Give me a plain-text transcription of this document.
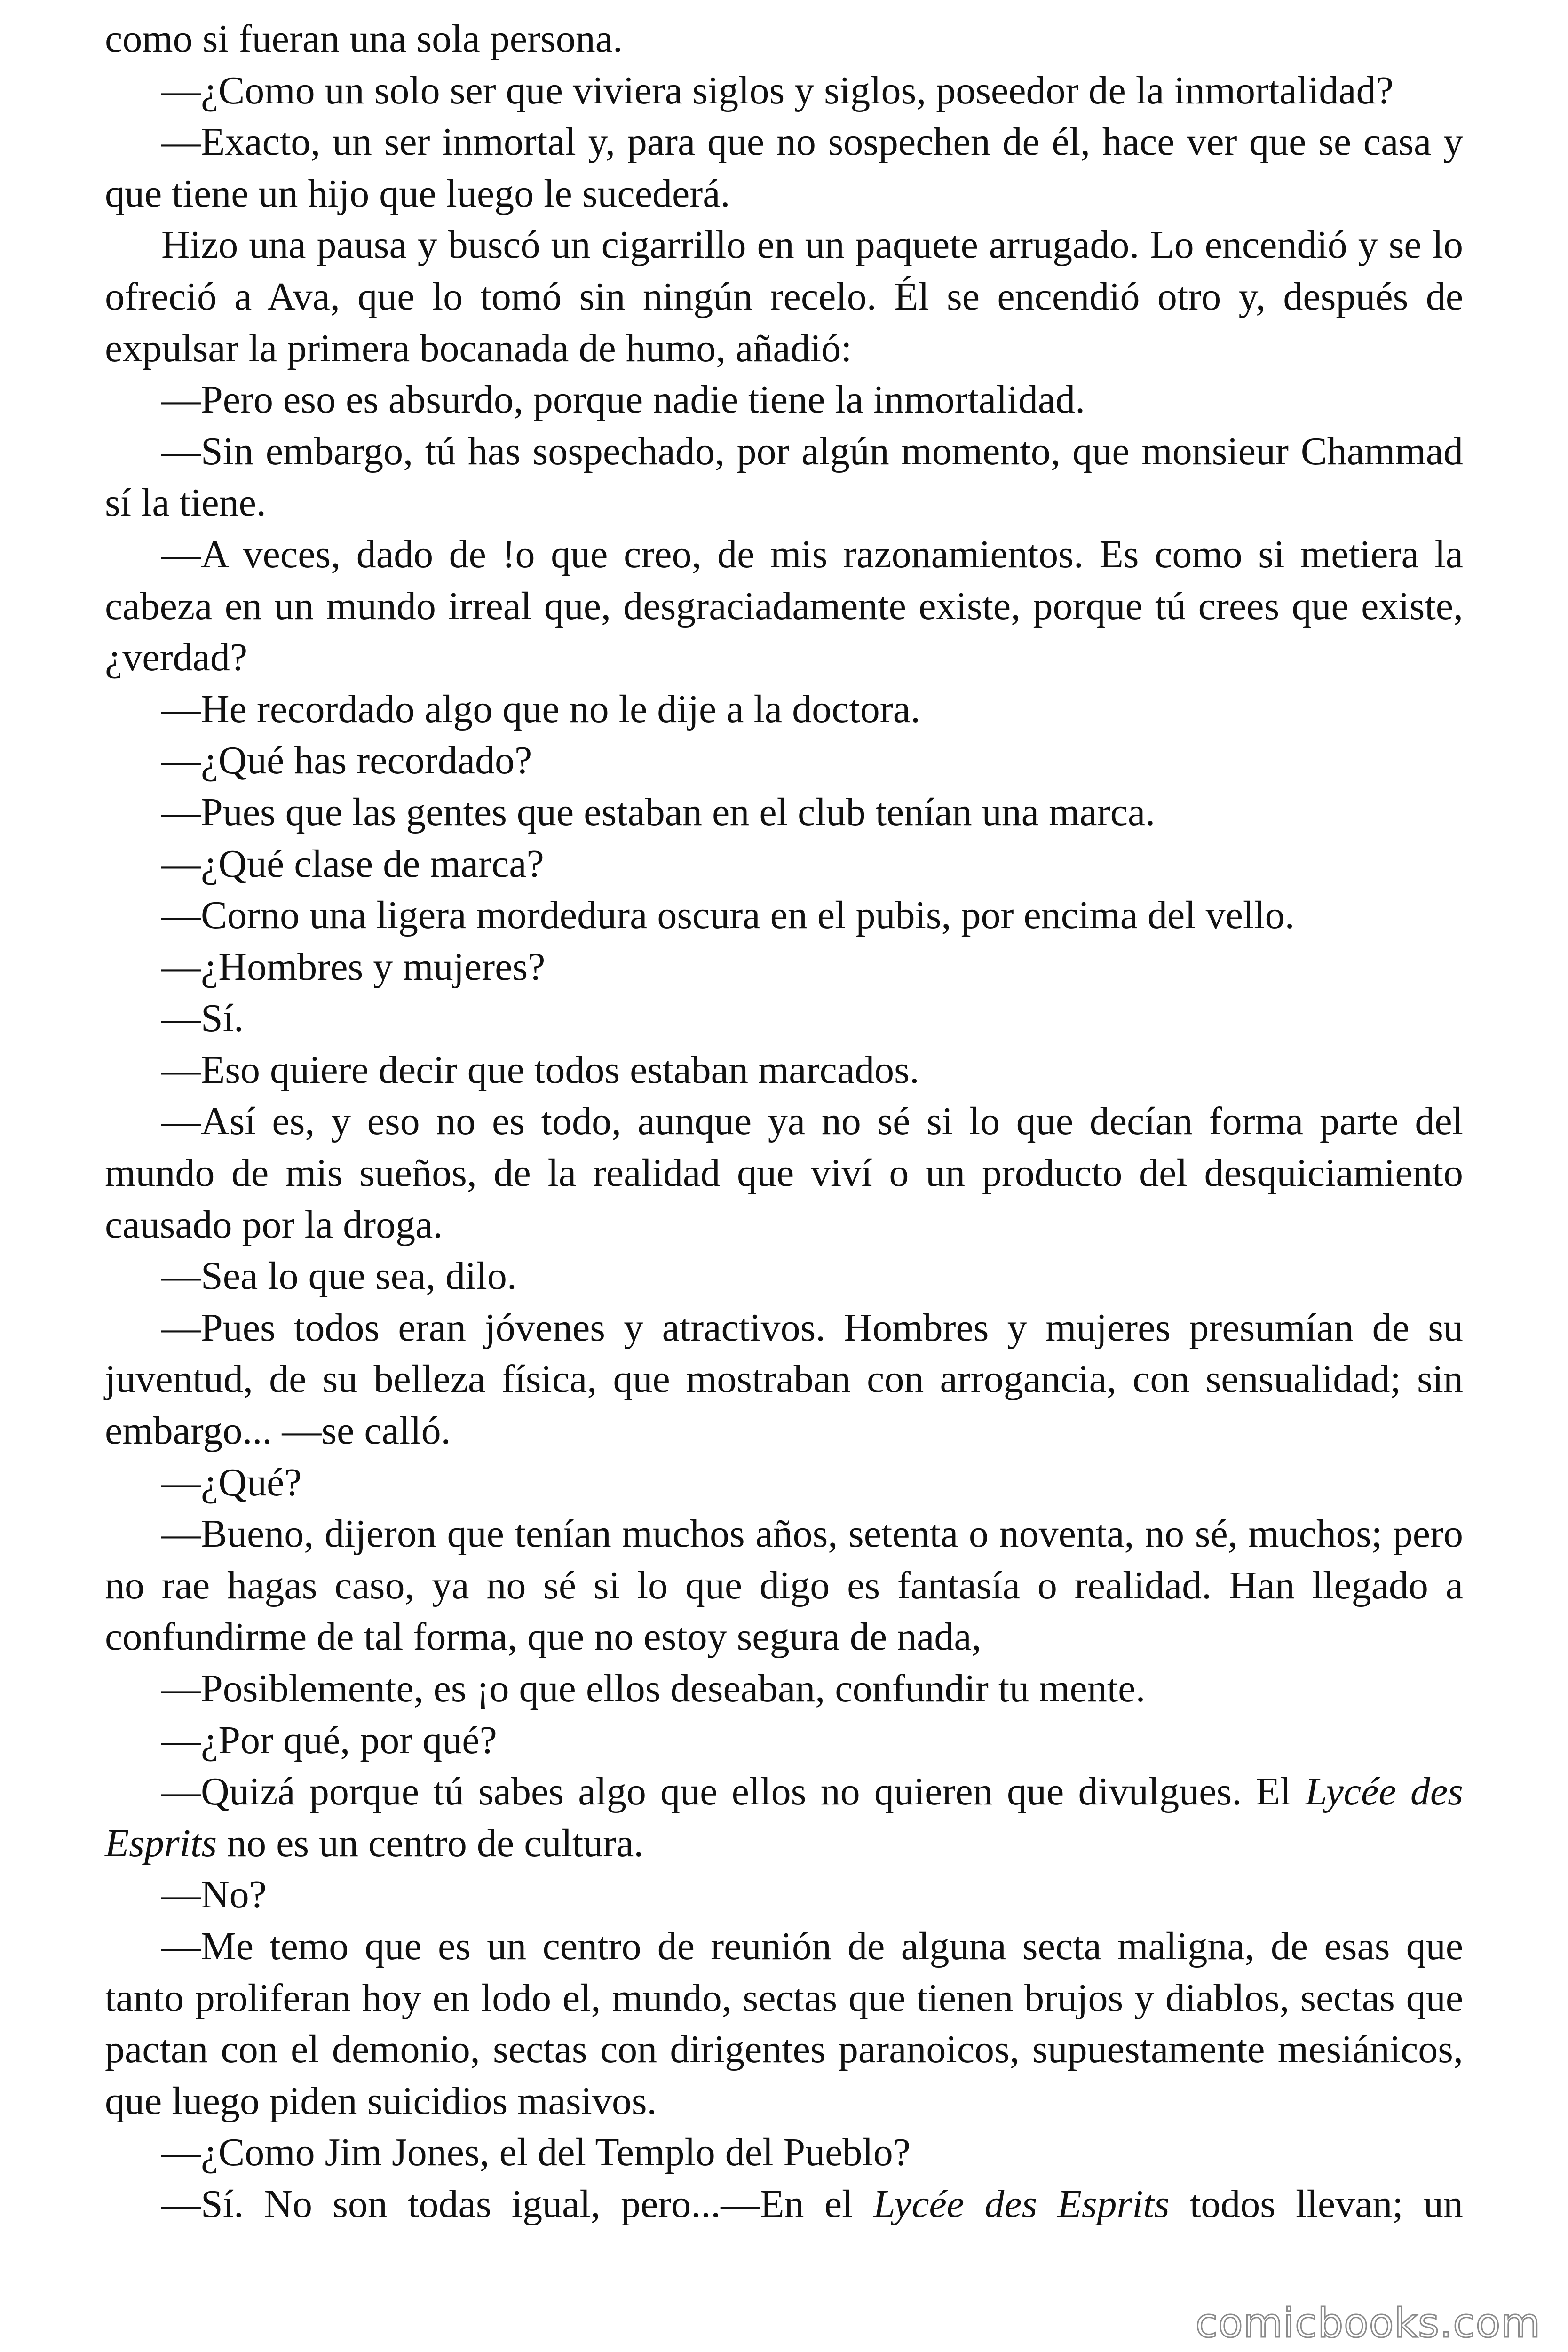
como si fueran una sola persona.

—¿Como un solo ser que viviera siglos y siglos, poseedor de la inmortalidad?

—Exacto, un ser inmortal y, para que no sospechen de él, hace ver que se casa y que tiene un hijo que luego le sucederá.

Hizo una pausa y buscó un cigarrillo en un paquete arrugado. Lo encendió y se lo ofreció a Ava, que lo tomó sin ningún recelo. Él se encendió otro y, después de expulsar la primera bocanada de humo, añadió:

—Pero eso es absurdo, porque nadie tiene la inmortalidad.

—Sin embargo, tú has sospechado, por algún momento, que monsieur Chammad sí la tiene.

—A veces, dado de !o que creo, de mis razonamientos. Es como si metiera la cabeza en un mundo irreal que, desgraciadamente existe, porque tú crees que existe, ¿verdad?

—He recordado algo que no le dije a la doctora.

—¿Qué has recordado?

—Pues que las gentes que estaban en el club tenían una marca.

—¿Qué clase de marca?

—Corno una ligera mordedura oscura en el pubis, por encima del vello.

—¿Hombres y mujeres?

—Sí.

—Eso quiere decir que todos estaban marcados.

—Así es, y eso no es todo, aunque ya no sé si lo que decían forma parte del mundo de mis sueños, de la realidad que viví o un producto del desquiciamiento causado por la droga.

—Sea lo que sea, dilo.

—Pues todos eran jóvenes y atractivos. Hombres y mujeres presumían de su juventud, de su belleza física, que mostraban con arrogancia, con sensualidad; sin embargo... —se calló.

—¿Qué?

—Bueno, dijeron que tenían muchos años, setenta o noventa, no sé, muchos; pero no rae hagas caso, ya no sé si lo que digo es fantasía o realidad. Han llegado a confundirme de tal forma, que no estoy segura de nada,

—Posiblemente, es ¡o que ellos deseaban, confundir tu mente.

—¿Por qué, por qué?

—Quizá porque tú sabes algo que ellos no quieren que divulgues. El Lycée des Esprits no es un centro de cultura.

—No?

—Me temo que es un centro de reunión de alguna secta maligna, de esas que tanto proliferan hoy en lodo el, mundo, sectas que tienen brujos y diablos, sectas que pactan con el demonio, sectas con dirigentes paranoicos, supuestamente mesiánicos, que luego piden suicidios masivos.

—¿Como Jim Jones, el del Templo del Pueblo?

—Sí. No son todas igual, pero...—En el Lycée des Esprits todos llevan; un

comicbooks.com
